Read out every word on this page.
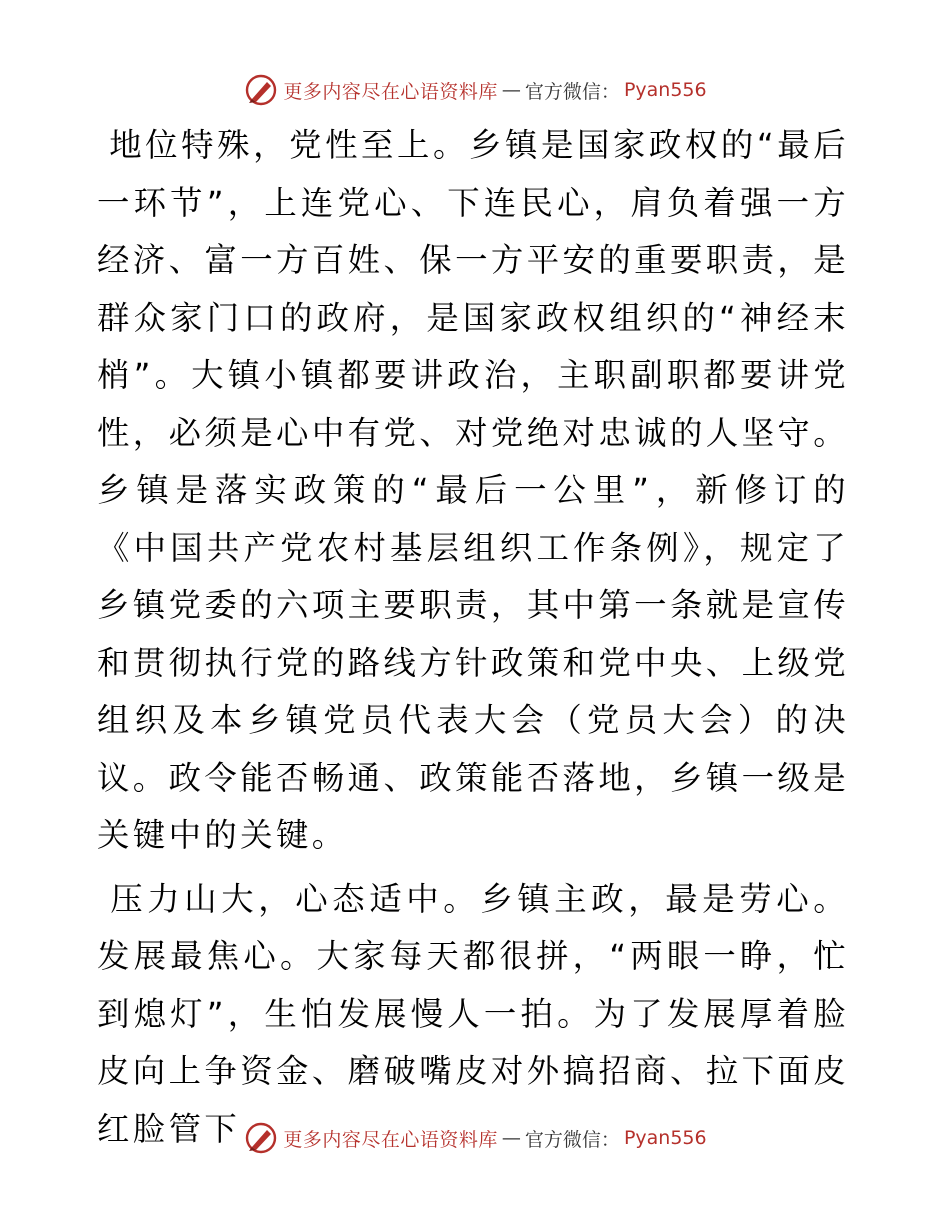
更多内容尽在心语资料库 — 官方微信： Pyan556

地位特殊，党性至上。乡镇是国家政权的“最后一环节”，上连党心、下连民心，肩负着强一方经济、富一方百姓、保一方平安的重要职责，是群众家门口的政府，是国家政权组织的“神经末梢”。大镇小镇都要讲政治，主职副职都要讲党性，必须是心中有党、对党绝对忠诚的人坚守。乡镇是落实政策的“最后一公里”，新修订的《中国共产党农村基层组织工作条例》，规定了乡镇党委的六项主要职责，其中第一条就是宣传和贯彻执行党的路线方针政策和党中央、上级党组织及本乡镇党员代表大会（党员大会）的决议。政令能否畅通、政策能否落地，乡镇一级是关键中的关键。

压力山大，心态适中。乡镇主政，最是劳心。发展最焦心。大家每天都很拼，“两眼一睁，忙到熄灯”，生怕发展慢人一拍。为了发展厚着脸皮向上争资金、磨破嘴皮对外搞招商、拉下面皮红脸管下	更多内容尽在心语资料库 — 官方微信： Pyan556
